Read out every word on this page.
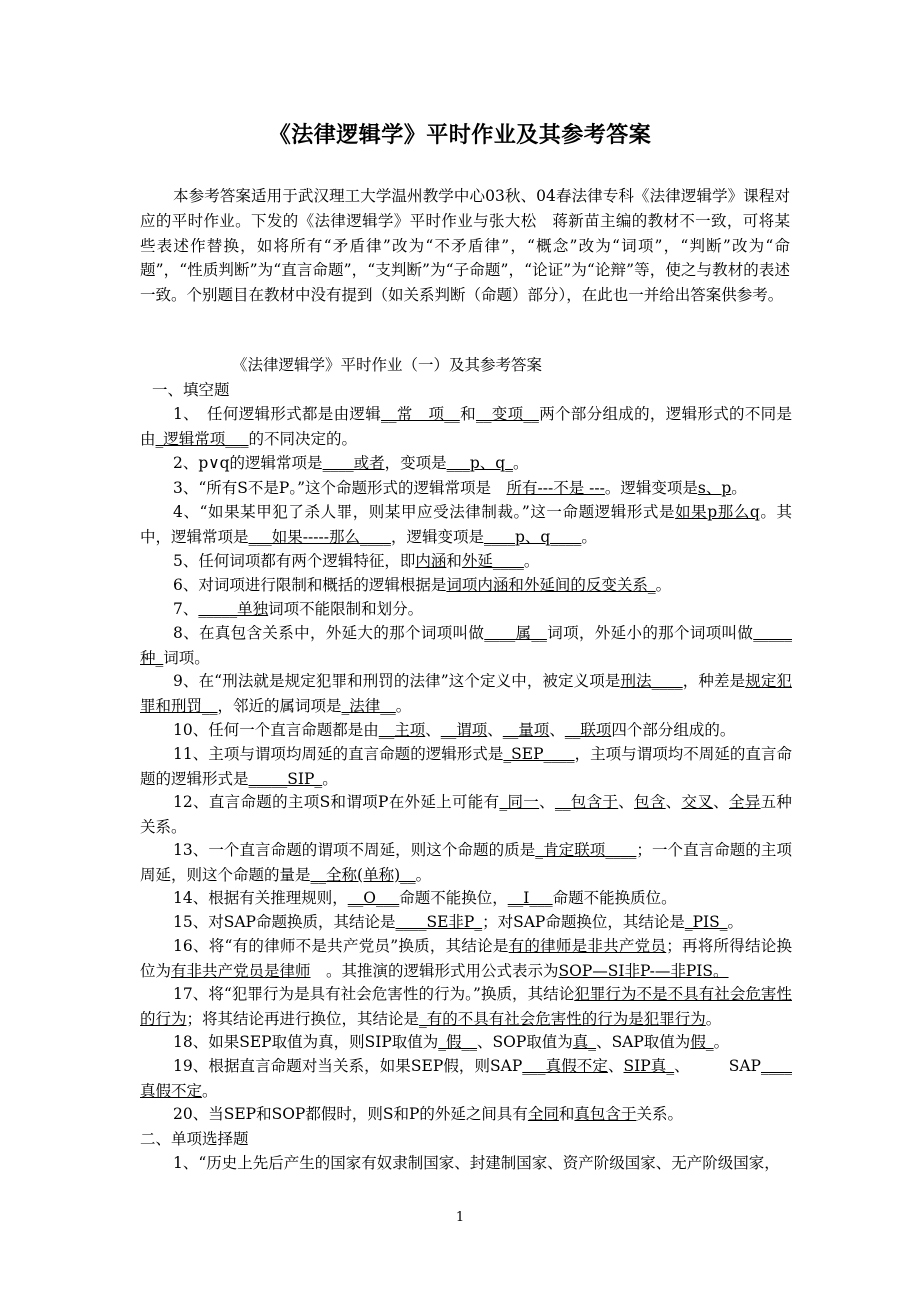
《法律逻辑学》平时作业及其参考答案
本参考答案适用于武汉理工大学温州教学中心03秋、04春法律专科《法律逻辑学》课程对应的平时作业。下发的《法律逻辑学》平时作业与张大松　蒋新苗主编的教材不一致，可将某些表述作替换，如将所有“矛盾律”改为“不矛盾律”，“概念”改为“词项”，“判断”改为“命题”，“性质判断”为“直言命题”，“支判断”为“子命题”，“论证”为“论辩”等，使之与教材的表述一致。个别题目在教材中没有提到（如关系判断（命题）部分），在此也一并给出答案供参考。
《法律逻辑学》平时作业（一）及其参考答案
一、填空题
1、　任何逻辑形式都是由逻辑__常　项__和__变项__两个部分组成的，逻辑形式的不同是由_逻辑常项___的不同决定的。
2、p∨q的逻辑常项是____或者，变项是___p、q_。
3、“所有S不是P。”这个命题形式的逻辑常项是　所有---不是 ---。逻辑变项是s、p。
4、“如果某甲犯了杀人罪，则某甲应受法律制裁。”这一命题逻辑形式是如果p那么q。其中，逻辑常项是___如果-----那么____，逻辑变项是____p、q____。
5、任何词项都有两个逻辑特征，即内涵和外延____。
6、对词项进行限制和概括的逻辑根据是词项内涵和外延间的反变关系_。
7、_____单独词项不能限制和划分。
8、在真包含关系中，外延大的那个词项叫做____属__词项，外延小的那个词项叫做_____种_词项。
9、在“刑法就是规定犯罪和刑罚的法律”这个定义中，被定义项是刑法____，种差是规定犯罪和刑罚__，邻近的属词项是_法律__。
10、任何一个直言命题都是由__主项、__谓项、__量项、__联项四个部分组成的。
11、主项与谓项均周延的直言命题的逻辑形式是_SEP____，主项与谓项均不周延的直言命题的逻辑形式是_____SIP_。
12、直言命题的主项S和谓项P在外延上可能有_同一、__包含于、包含、交叉、全异五种关系。
13、一个直言命题的谓项不周延，则这个命题的质是_肯定联项____；一个直言命题的主项周延，则这个命题的量是__全称(单称)__。
14、根据有关推理规则，__O___命题不能换位，__I___命题不能换质位。
15、对SAP命题换质，其结论是____SE非P_；对SAP命题换位，其结论是_PIS_。
16、将“有的律师不是共产党员”换质，其结论是有的律师是非共产党员；再将所得结论换位为有非共产党员是律师　。其推演的逻辑形式用公式表示为SOP—SI非P-—非PIS。
17、将“犯罪行为是具有社会危害性的行为。”换质，其结论犯罪行为不是不具有社会危害性的行为；将其结论再进行换位，其结论是_有的不具有社会危害性的行为是犯罪行为。
18、如果SEP取值为真，则SIP取值为_假__、SOP取值为真_、SAP取值为假_。
19、根据直言命题对当关系，如果SEP假，则SAP___真假不定、SIP真_、　　　SAP____真假不定。
20、当SEP和SOP都假时，则S和P的外延之间具有全同和真包含于关系。
二、单项选择题
1、“历史上先后产生的国家有奴隶制国家、封建制国家、资产阶级国家、无产阶级国家，
1
